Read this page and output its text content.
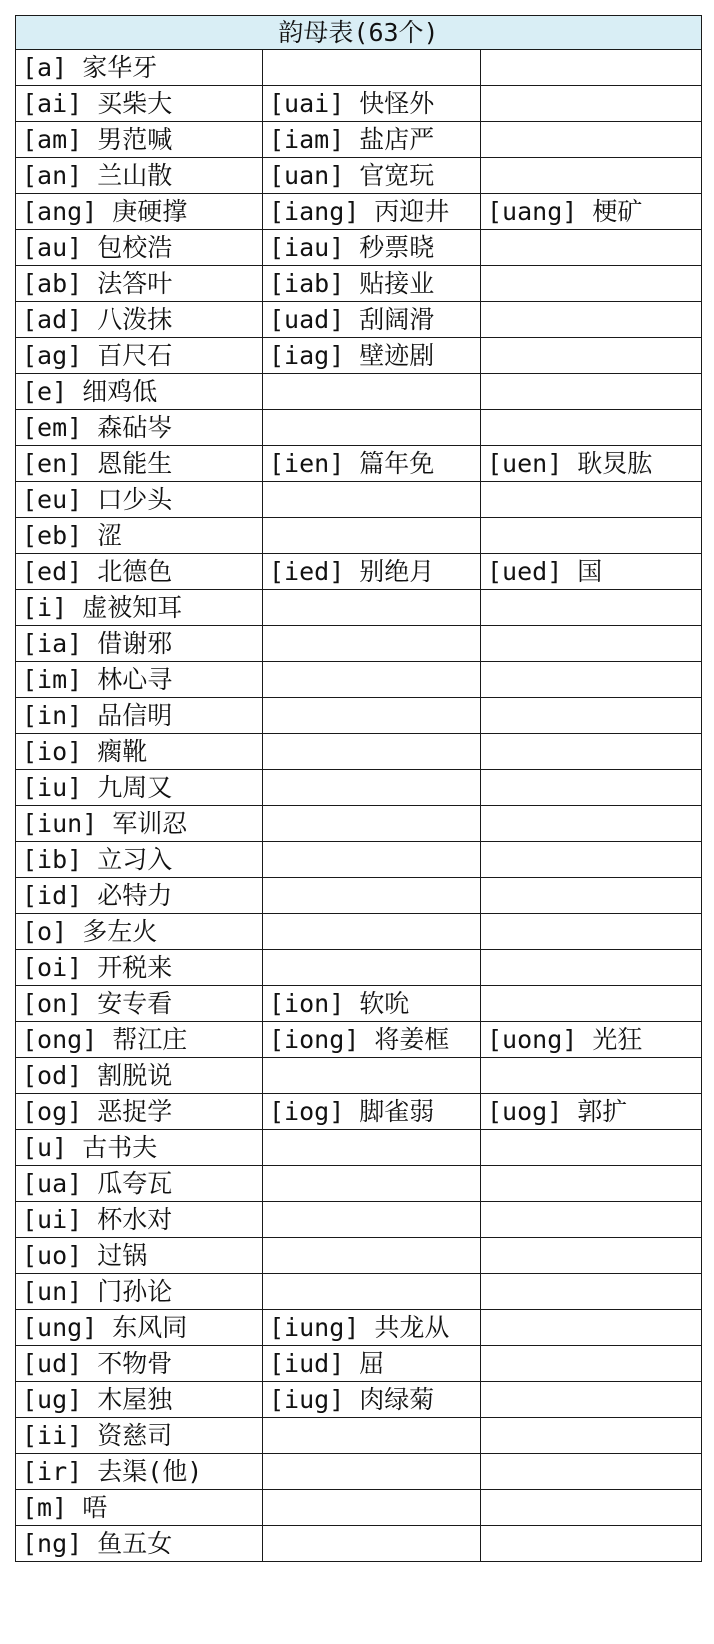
韵母表(63个)		
[a] 家华牙		
[ai] 买柴大	[uai] 快怪外	
[am] 男范喊	[iam] 盐店严	
[an] 兰山散	[uan] 官宽玩	
[ang] 庚硬撑	[iang] 丙迎井	[uang] 梗矿
[au] 包校浩	[iau] 秒票晓	
[ab] 法答叶	[iab] 贴接业	
[ad] 八泼抹	[uad] 刮阔滑	
[ag] 百尺石	[iag] 壁迹剧	
[e] 细鸡低		
[em] 森砧岑		
[en] 恩能生	[ien] 篇年免	[uen] 耿炅肱
[eu] 口少头		
[eb] 涩		
[ed] 北德色	[ied] 别绝月	[ued] 国
[i] 虚被知耳		
[ia] 借谢邪		
[im] 林心寻		
[in] 品信明		
[io] 瘸靴		
[iu] 九周又		
[iun] 军训忍		
[ib] 立习入		
[id] 必特力		
[o] 多左火		
[oi] 开税来		
[on] 安专看	[ion] 软吮	
[ong] 帮江庄	[iong] 将姜框	[uong] 光狂
[od] 割脱说		
[og] 恶捉学	[iog] 脚雀弱	[uog] 郭扩
[u] 古书夫		
[ua] 瓜夸瓦		
[ui] 杯水对		
[uo] 过锅		
[un] 门孙论		
[ung] 东风同	[iung] 共龙从	
[ud] 不物骨	[iud] 屈	
[ug] 木屋独	[iug] 肉绿菊	
[ii] 资慈司		
[ir] 去渠(他)		
[m] 唔		
[ng] 鱼五女		
